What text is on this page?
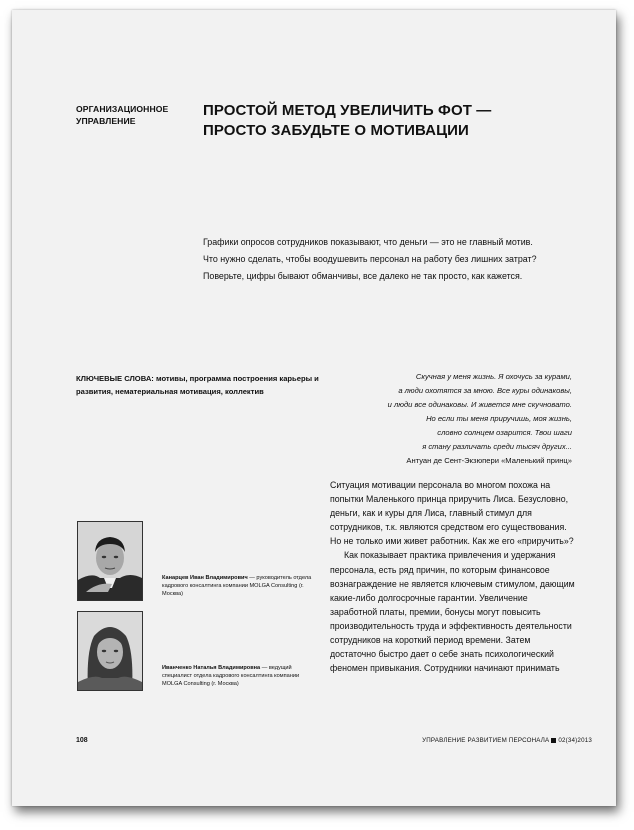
ОРГАНИЗАЦИОННОЕ
УПРАВЛЕНИЕ
ПРОСТОЙ МЕТОД УВЕЛИЧИТЬ ФОТ —
ПРОСТО ЗАБУДЬТЕ О МОТИВАЦИИ
Графики опросов сотрудников показывают, что деньги — это не главный мотив.
Что нужно сделать, чтобы воодушевить персонал на работу без лишних затрат?
Поверьте, цифры бывают обманчивы, все далеко не так просто, как кажется.
КЛЮЧЕВЫЕ СЛОВА: мотивы, программа построения карьеры и развития, нематериальная мотивация, коллектив
Скучная у меня жизнь. Я охочусь за курами,
а люди охотятся за мною. Все куры одинаковы,
и люди все одинаковы. И живется мне скучновато.
Но если ты меня приручишь, моя жизнь,
словно солнцем озарится. Твои шаги
я стану различать среди тысяч других...
Антуан де Сент-Экзюпери «Маленький принц»

Ситуация мотивации персонала во многом похожа на попытки Маленького принца приручить Лиса. Безусловно, деньги, как и куры для Лиса, главный стимул для сотрудников, т.к. являются средством его существования. Но не только ими живет работник. Как же его «приручить»?

Как показывает практика привлечения и удержания персонала, есть ряд причин, по которым финансовое вознаграждение не является ключевым стимулом, дающим какие-либо долгосрочные гарантии. Увеличение заработной платы, премии, бонусы могут повысить производительность труда и эффективность деятельности сотрудников на короткий период времени. Затем достаточно быстро дает о себе знать психологический феномен привыкания. Сотрудники начинают принимать

Канарцев Иван Владимирович — руководитель отдела кадрового консалтинга компании MOLGA Consulting (г. Москва)
Иванченко Наталья Владимировна — ведущий специалист отдела кадрового консалтинга компании MOLGA Consulting (г. Москва)
108	УПРАВЛЕНИЕ РАЗВИТИЕМ ПЕРСОНАЛА 02(34)2013
